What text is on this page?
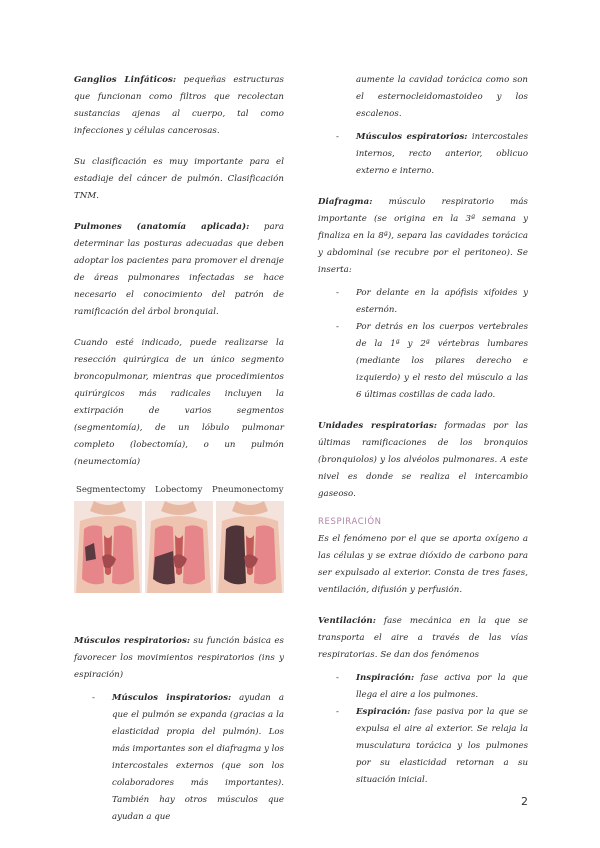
Ganglios Linfáticos: pequeñas estructuras que funcionan como filtros que recolectan sustancias ajenas al cuerpo, tal como infecciones y células cancerosas.

Su clasificación es muy importante para el estadiaje del cáncer de pulmón. Clasificación TNM.

Pulmones (anatomía aplicada): para determinar las posturas adecuadas que deben adoptar los pacientes para promover el drenaje de áreas pulmonares infectadas se hace necesario el conocimiento del patrón de ramificación del árbol bronquial.

Cuando esté indicado, puede realizarse la resección quirúrgica de un único segmento broncopulmonar, mientras que procedimientos quirúrgicos más radicales incluyen la extirpación de varios segmentos (segmentomía), de un lóbulo pulmonar completo (lobectomía), o un pulmón (neumectomía)

Segmentectomy	Lobectomy	Pneumonectomy

Músculos respiratorios: su función básica es favorecer los movimientos respiratorios (ins y espiración)

- Músculos inspiratorios: ayudan a que el pulmón se expanda (gracias a la elasticidad propia del pulmón). Los más importantes son el diafragma y los intercostales externos (que son los colaboradores más importantes). También hay otros músculos que ayudan a que

aumente la cavidad torácica como son el esternocleidomastoideo y los escalenos.

- Músculos espiratorios: intercostales internos, recto anterior, oblicuo externo e interno.

Diafragma: músculo respiratorio más importante (se origina en la 3ª semana y finaliza en la 8ª), separa las cavidades torácica y abdominal (se recubre por el peritoneo). Se inserta:

- Por delante en la apófisis xifoides y esternón.
- Por detrás en los cuerpos vertebrales de la 1ª y 2ª vértebras lumbares (mediante los pilares derecho e izquierdo) y el resto del músculo a las 6 últimas costillas de cada lado.

Unidades respiratorias: formadas por las últimas ramificaciones de los bronquios (bronquiolos) y los alvéolos pulmonares. A este nivel es donde se realiza el intercambio gaseoso.

RESPIRACIÓN

Es el fenómeno por el que se aporta oxígeno a las células y se extrae dióxido de carbono para ser expulsado al exterior. Consta de tres fases, ventilación, difusión y perfusión.

Ventilación: fase mecánica en la que se transporta el aire a través de las vías respiratorias. Se dan dos fenómenos

- Inspiración: fase activa por la que llega el aire a los pulmones.
- Espiración: fase pasiva por la que se expulsa el aire al exterior. Se relaja la musculatura torácica y los pulmones por su elasticidad retornan a su situación inicial.
2
